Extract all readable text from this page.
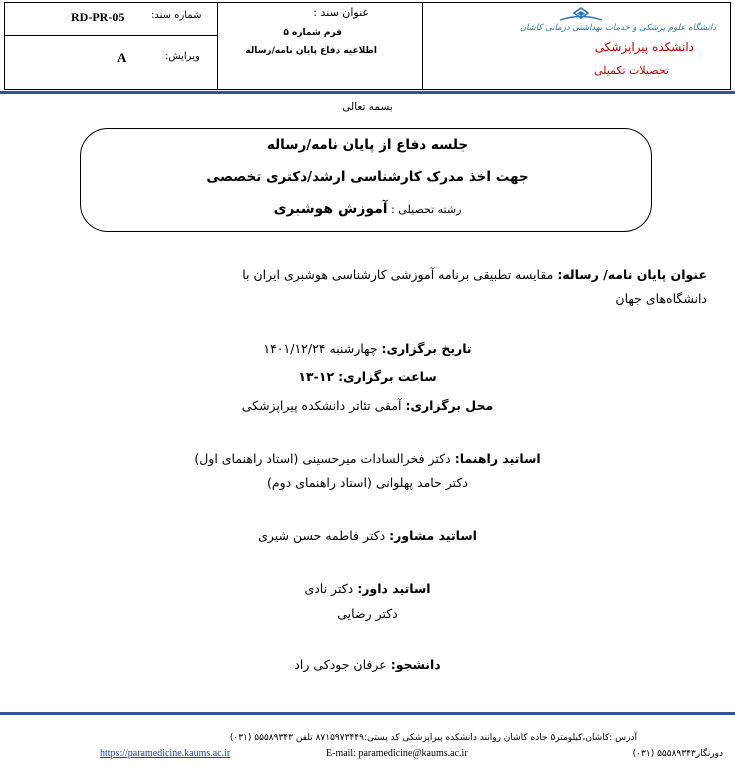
RD-PR-05	شماره سند:
A	ویرایش:

عنوان سند :
فرم شماره ۵
اطلاعیه دفاع پایان نامه/رساله

دانشگاه علوم پزشکی و خدمات بهداشتی درمانی کاشان
دانشکده پیراپزشکی
تحصیلات تکمیلی
بسمه تعالی
جلسه دفاع از پایان نامه/رساله
جهت اخذ مدرک کارشناسی ارشد/دکتری تخصصی
رشته تحصیلی : آموزش هوشبری
عنوان پایان نامه/ رساله: مقایسه تطبیقی برنامه آموزشی کارشناسی هوشبری ایران با
دانشگاه‌های جهان
تاریخ برگزاری: چهارشنبه ۱۴۰۱/۱۲/۲۴
ساعت برگزاری: ۱۲-۱۳
محل برگزاری: آمفی تئاتر دانشکده پیراپزشکی
اساتید راهنما: دکتر فخرالسادات میرحسینی (استاد راهنمای اول)
دکتر حامد پهلوانی (استاد راهنمای دوم)
اساتید مشاور: دکتر فاطمه حسن شیری
اساتید داور: دکتر نادی
دکتر رضایی
دانشجو: عرفان جودکی راد
آدرس :کاشان،کیلومتر۵ جاده کاشان روانند دانشکده پیراپزشکی کد پستی:۸۷۱۵۹۷۳۴۴۹ تلفن ۵۵۵۸۹۳۴۳ (۰۳۱)
دورنگار۵۵۵۸۹۳۴۳ (۰۳۱)
E-mail: paramedicine@kaums.ac.ir
https://paramedicine.kaums.ac.ir
